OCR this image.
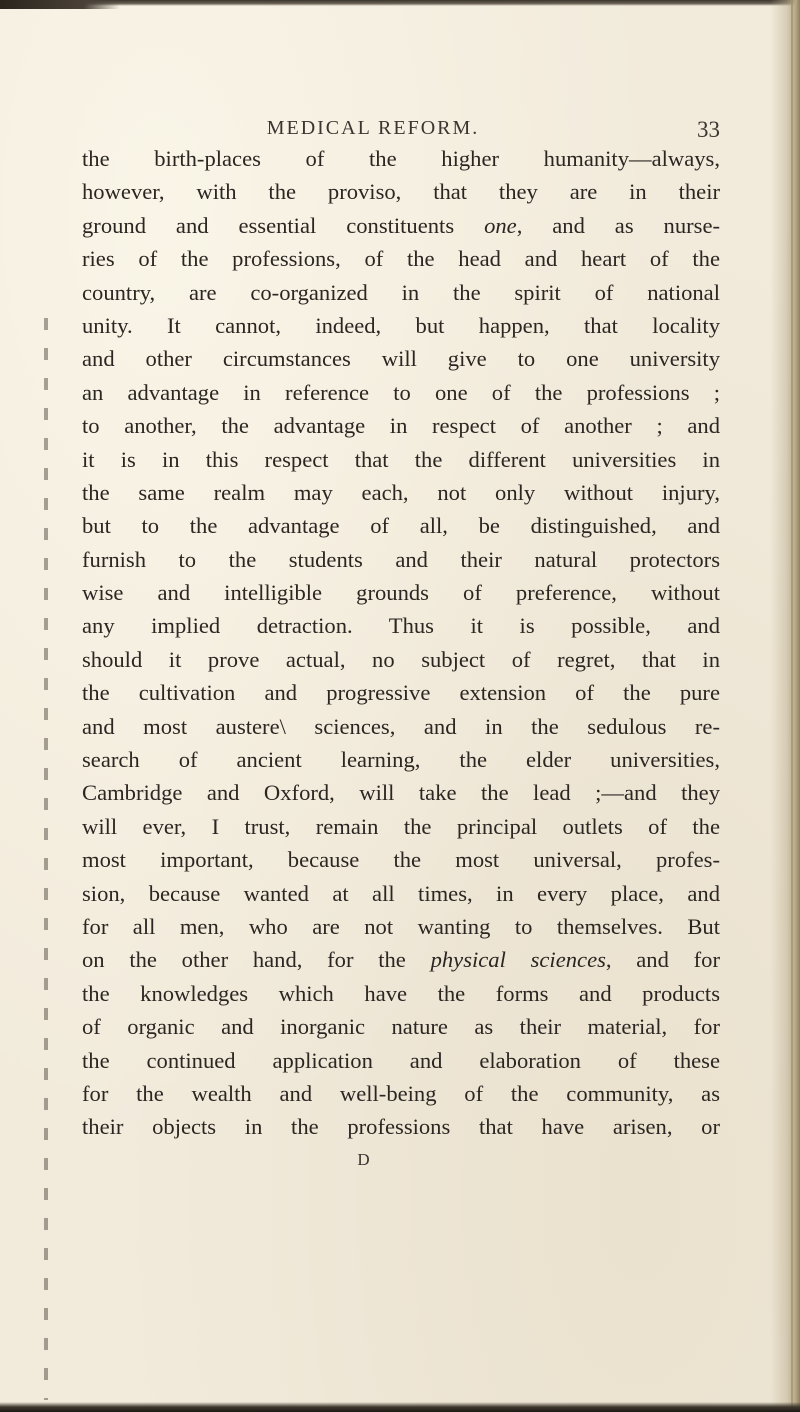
MEDICAL REFORM.	33
the birth-places of the higher humanity—always,
however, with the proviso, that they are in their
ground and essential constituents one, and as nurse-
ries of the professions, of the head and heart of the
country, are co-organized in the spirit of national
unity. It cannot, indeed, but happen, that locality
and other circumstances will give to one university
an advantage in reference to one of the professions ;
to another, the advantage in respect of another ; and
it is in this respect that the different universities in
the same realm may each, not only without injury,
but to the advantage of all, be distinguished, and
furnish to the students and their natural protectors
wise and intelligible grounds of preference, without
any implied detraction. Thus it is possible, and
should it prove actual, no subject of regret, that in
the cultivation and progressive extension of the pure
and most austere\ sciences, and in the sedulous re-
search of ancient learning, the elder universities,
Cambridge and Oxford, will take the lead ;—and they
will ever, I trust, remain the principal outlets of the
most important, because the most universal, profes-
sion, because wanted at all times, in every place, and
for all men, who are not wanting to themselves. But
on the other hand, for the physical sciences, and for
the knowledges which have the forms and products
of organic and inorganic nature as their material, for
the continued application and elaboration of these
for the wealth and well-being of the community, as
their objects in the professions that have arisen, or
D
